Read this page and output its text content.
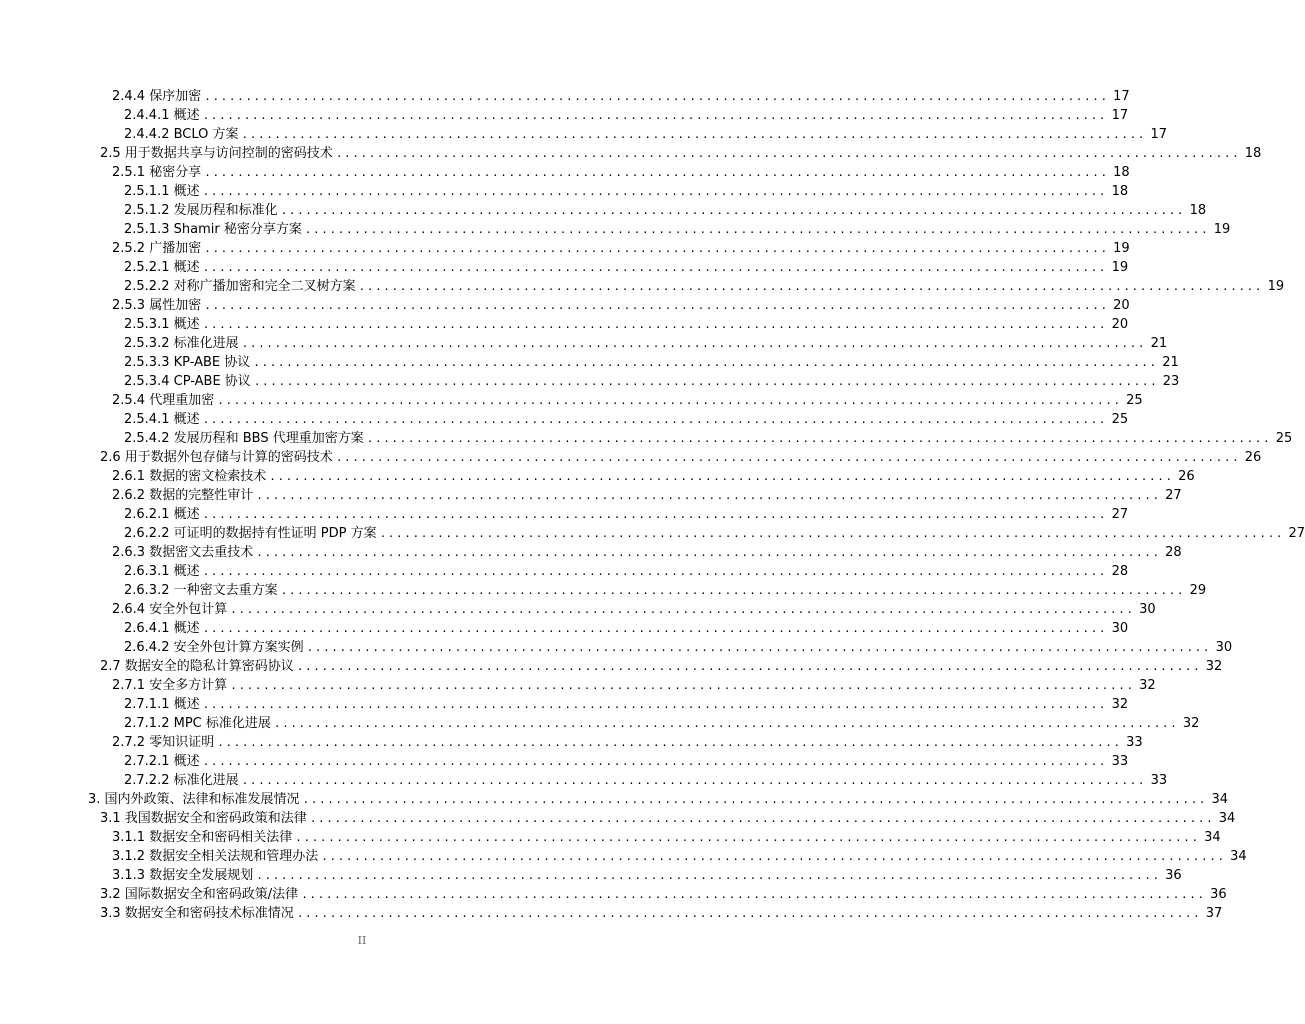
2.4.4 保序加密 .............................................................................................................. 17
2.4.4.1 概述 .............................................................................................................. 17
2.4.4.2 BCLO 方案 .............................................................................................................. 17
2.5 用于数据共享与访问控制的密码技术 .............................................................................................................. 18
2.5.1 秘密分享 .............................................................................................................. 18
2.5.1.1 概述 .............................................................................................................. 18
2.5.1.2 发展历程和标准化 .............................................................................................................. 18
2.5.1.3 Shamir 秘密分享方案 .............................................................................................................. 19
2.5.2 广播加密 .............................................................................................................. 19
2.5.2.1 概述 .............................................................................................................. 19
2.5.2.2 对称广播加密和完全二叉树方案 .............................................................................................................. 19
2.5.3 属性加密 .............................................................................................................. 20
2.5.3.1 概述 .............................................................................................................. 20
2.5.3.2 标准化进展 .............................................................................................................. 21
2.5.3.3 KP-ABE 协议 .............................................................................................................. 21
2.5.3.4 CP-ABE 协议 .............................................................................................................. 23
2.5.4 代理重加密 .............................................................................................................. 25
2.5.4.1 概述 .............................................................................................................. 25
2.5.4.2 发展历程和 BBS 代理重加密方案 .............................................................................................................. 25
2.6 用于数据外包存储与计算的密码技术 .............................................................................................................. 26
2.6.1 数据的密文检索技术 .............................................................................................................. 26
2.6.2 数据的完整性审计 .............................................................................................................. 27
2.6.2.1 概述 .............................................................................................................. 27
2.6.2.2 可证明的数据持有性证明 PDP 方案 .............................................................................................................. 27
2.6.3 数据密文去重技术 .............................................................................................................. 28
2.6.3.1 概述 .............................................................................................................. 28
2.6.3.2 一种密文去重方案 .............................................................................................................. 29
2.6.4 安全外包计算 .............................................................................................................. 30
2.6.4.1 概述 .............................................................................................................. 30
2.6.4.2 安全外包计算方案实例 .............................................................................................................. 30
2.7 数据安全的隐私计算密码协议 .............................................................................................................. 32
2.7.1 安全多方计算 .............................................................................................................. 32
2.7.1.1 概述 .............................................................................................................. 32
2.7.1.2 MPC 标准化进展 .............................................................................................................. 32
2.7.2 零知识证明 .............................................................................................................. 33
2.7.2.1 概述 .............................................................................................................. 33
2.7.2.2 标准化进展 .............................................................................................................. 33
3. 国内外政策、法律和标准发展情况 .............................................................................................................. 34
3.1 我国数据安全和密码政策和法律 .............................................................................................................. 34
3.1.1 数据安全和密码相关法律 .............................................................................................................. 34
3.1.2 数据安全相关法规和管理办法 .............................................................................................................. 34
3.1.3 数据安全发展规划 .............................................................................................................. 36
3.2 国际数据安全和密码政策/法律 .............................................................................................................. 36
3.3 数据安全和密码技术标准情况 .............................................................................................................. 37
II
